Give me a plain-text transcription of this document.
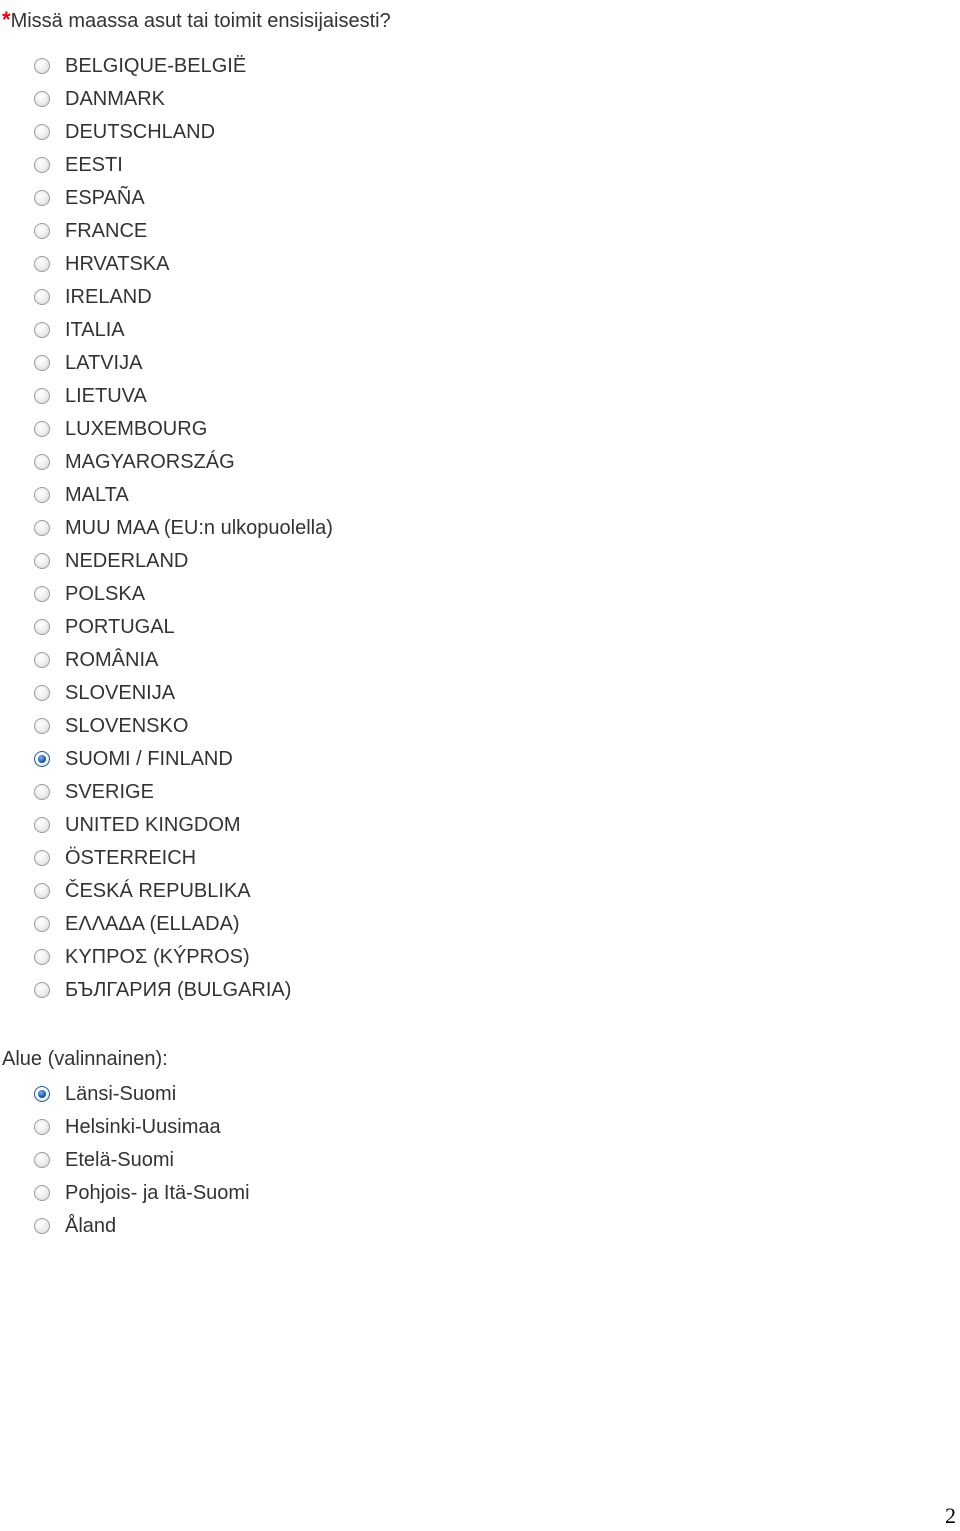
*Missä maassa asut tai toimit ensisijaisesti?
BELGIQUE-BELGIË
DANMARK
DEUTSCHLAND
EESTI
ESPAÑA
FRANCE
HRVATSKA
IRELAND
ITALIA
LATVIJA
LIETUVA
LUXEMBOURG
MAGYARORSZÁG
MALTA
MUU MAA (EU:n ulkopuolella)
NEDERLAND
POLSKA
PORTUGAL
ROMÂNIA
SLOVENIJA
SLOVENSKO
SUOMI / FINLAND
SVERIGE
UNITED KINGDOM
ÖSTERREICH
ČESKÁ REPUBLIKA
ΕΛΛΑΔΑ (ELLADA)
ΚΥΠΡΟΣ (KÝPROS)
БЪЛГАРИЯ (BULGARIA)
Alue (valinnainen):
Länsi-Suomi
Helsinki-Uusimaa
Etelä-Suomi
Pohjois- ja Itä-Suomi
Åland
2
